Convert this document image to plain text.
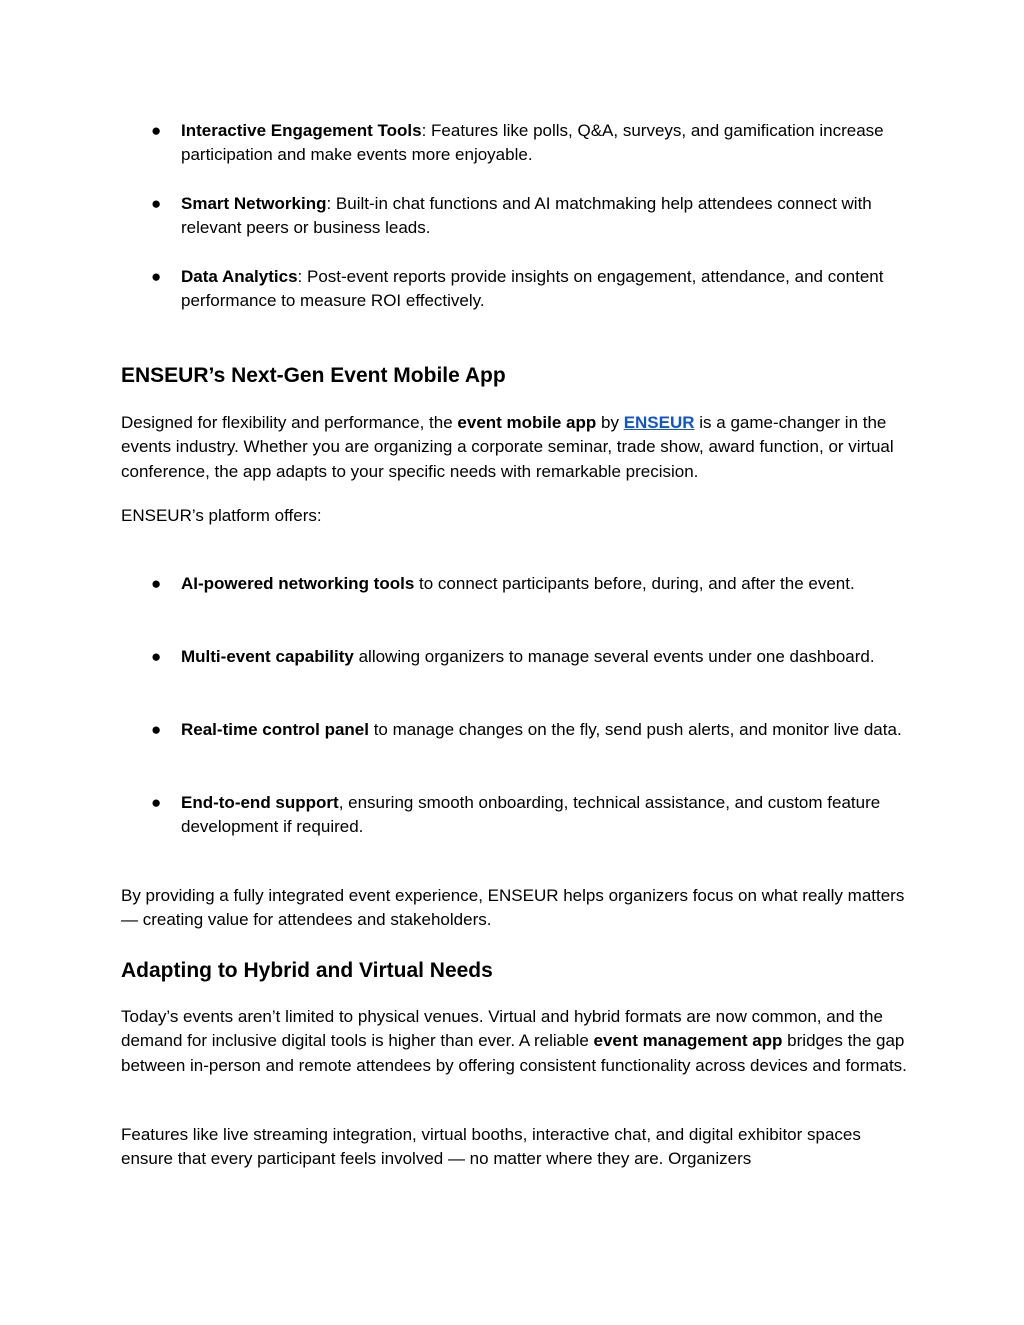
● Interactive Engagement Tools: Features like polls, Q&A, surveys, and gamification increase participation and make events more enjoyable.
● Smart Networking: Built-in chat functions and AI matchmaking help attendees connect with relevant peers or business leads.
● Data Analytics: Post-event reports provide insights on engagement, attendance, and content performance to measure ROI effectively.
ENSEUR’s Next-Gen Event Mobile App
Designed for flexibility and performance, the event mobile app by ENSEUR is a game-changer in the events industry. Whether you are organizing a corporate seminar, trade show, award function, or virtual conference, the app adapts to your specific needs with remarkable precision.
ENSEUR’s platform offers:
● AI-powered networking tools to connect participants before, during, and after the event.
● Multi-event capability allowing organizers to manage several events under one dashboard.
● Real-time control panel to manage changes on the fly, send push alerts, and monitor live data.
● End-to-end support, ensuring smooth onboarding, technical assistance, and custom feature development if required.
By providing a fully integrated event experience, ENSEUR helps organizers focus on what really matters — creating value for attendees and stakeholders.
Adapting to Hybrid and Virtual Needs
Today’s events aren’t limited to physical venues. Virtual and hybrid formats are now common, and the demand for inclusive digital tools is higher than ever. A reliable event management app bridges the gap between in-person and remote attendees by offering consistent functionality across devices and formats.
Features like live streaming integration, virtual booths, interactive chat, and digital exhibitor spaces ensure that every participant feels involved — no matter where they are. Organizers
